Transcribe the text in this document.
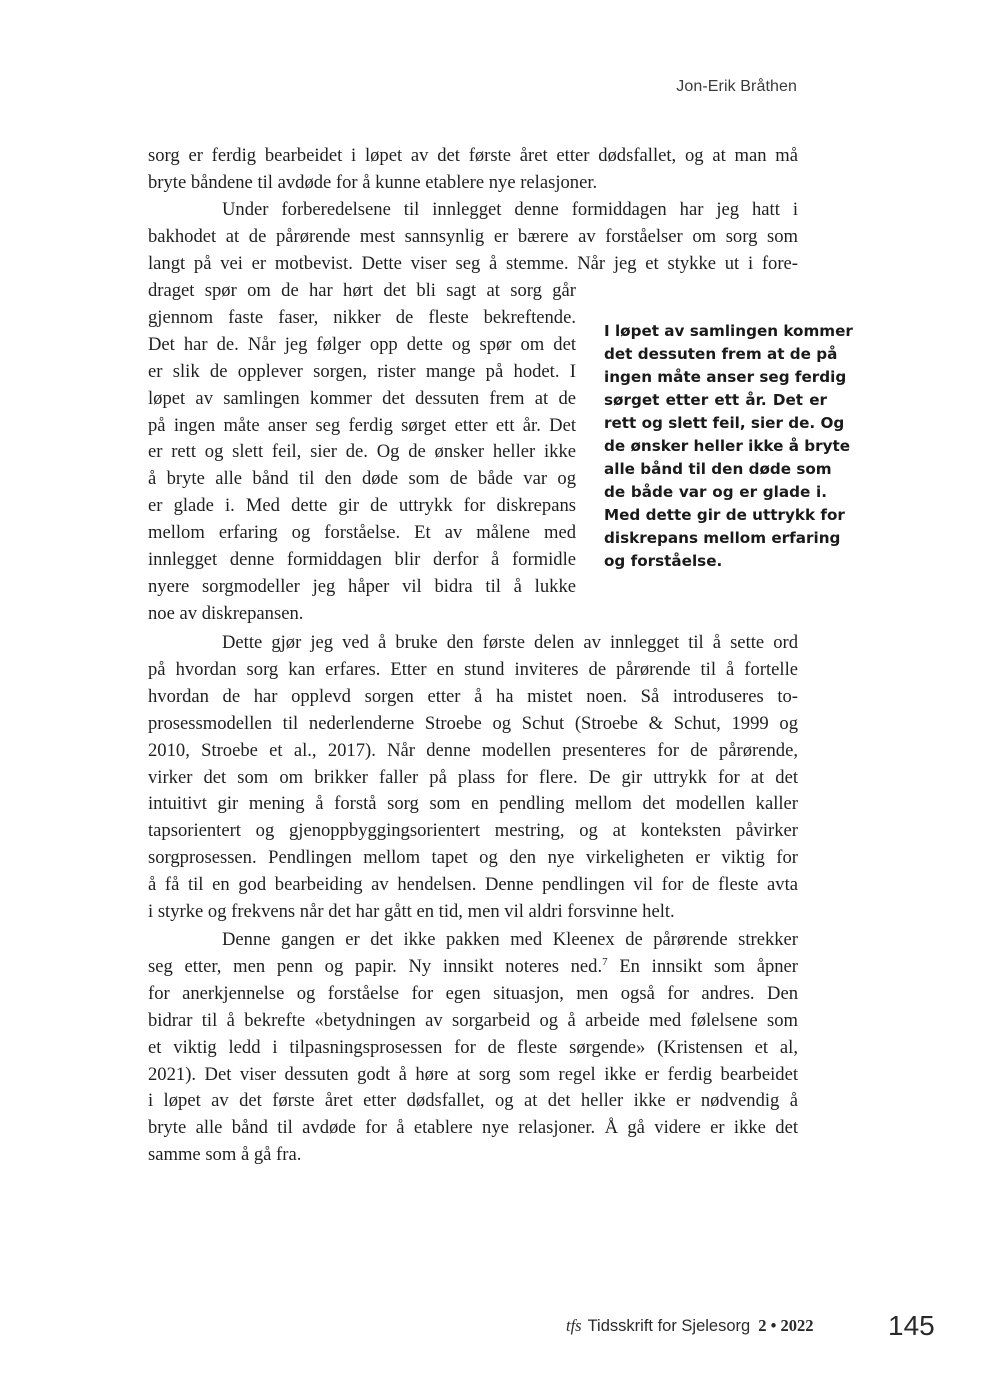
Jon-Erik Bråthen
sorg er ferdig bearbeidet i løpet av det første året etter dødsfallet, og at man må
bryte båndene til avdøde for å kunne etablere nye relasjoner.
Under forberedelsene til innlegget denne formiddagen har jeg hatt i
bakhodet at de pårørende mest sannsynlig er bærere av forståelser om sorg som
langt på vei er motbevist. Dette viser seg å stemme. Når jeg et stykke ut i fore-
draget spør om de har hørt det bli sagt at sorg går
gjennom faste faser, nikker de fleste bekreftende.
Det har de. Når jeg følger opp dette og spør om det
er slik de opplever sorgen, rister mange på hodet. I
løpet av samlingen kommer det dessuten frem at de
på ingen måte anser seg ferdig sørget etter ett år. Det
er rett og slett feil, sier de. Og de ønsker heller ikke
å bryte alle bånd til den døde som de både var og
er glade i. Med dette gir de uttrykk for diskrepans
mellom erfaring og forståelse. Et av målene med
innlegget denne formiddagen blir derfor å formidle
nyere sorgmodeller jeg håper vil bidra til å lukke
noe av diskrepansen.
I løpet av samlingen kommer
det dessuten frem at de på
ingen måte anser seg ferdig
sørget etter ett år. Det er
rett og slett feil, sier de. Og
de ønsker heller ikke å bryte
alle bånd til den døde som
de både var og er glade i.
Med dette gir de uttrykk for
diskrepans mellom erfaring
og forståelse.
Dette gjør jeg ved å bruke den første delen av innlegget til å sette ord
på hvordan sorg kan erfares. Etter en stund inviteres de pårørende til å fortelle
hvordan de har opplevd sorgen etter å ha mistet noen. Så introduseres to-
prosessmodellen til nederlenderne Stroebe og Schut (Stroebe & Schut, 1999 og
2010, Stroebe et al., 2017). Når denne modellen presenteres for de pårørende,
virker det som om brikker faller på plass for flere. De gir uttrykk for at det
intuitivt gir mening å forstå sorg som en pendling mellom det modellen kaller
tapsorientert og gjenoppbyggingsorientert mestring, og at konteksten påvirker
sorgprosessen. Pendlingen mellom tapet og den nye virkeligheten er viktig for
å få til en god bearbeiding av hendelsen. Denne pendlingen vil for de fleste avta
i styrke og frekvens når det har gått en tid, men vil aldri forsvinne helt.
Denne gangen er det ikke pakken med Kleenex de pårørende strekker
seg etter, men penn og papir. Ny innsikt noteres ned.$^7$ En innsikt som åpner
for anerkjennelse og forståelse for egen situasjon, men også for andres. Den
bidrar til å bekrefte «betydningen av sorgarbeid og å arbeide med følelsene som
et viktig ledd i tilpasningsprosessen for de fleste sørgende» (Kristensen et al,
2021). Det viser dessuten godt å høre at sorg som regel ikke er ferdig bearbeidet
i løpet av det første året etter dødsfallet, og at det heller ikke er nødvendig å
bryte alle bånd til avdøde for å etablere nye relasjoner. Å gå videre er ikke det
samme som å gå fra.
tfs Tidsskrift for Sjelesorg 2 • 2022	145
